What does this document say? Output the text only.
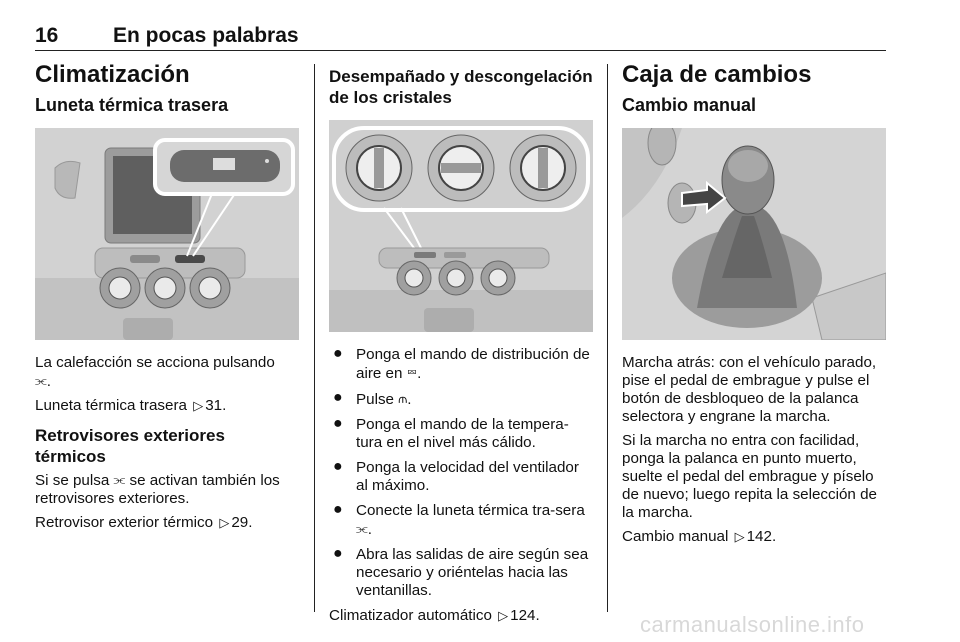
16	En pocas palabras
Climatización
Luneta térmica trasera

La calefacción se acciona pulsando
⫘.

Luneta térmica trasera ▷ 31.

Retrovisores exteriores térmicos

Si se pulsa ⫘ se activan también los retrovisores exteriores.

Retrovisor exterior térmico ▷ 29.

Desempañado y descongelación de los cristales
● Ponga el mando de distribución de aire en ⮹.
● Pulse ⫙.
● Ponga el mando de la tempera-tura en el nivel más cálido.
● Ponga la velocidad del ventilador al máximo.
● Conecte la luneta térmica tra-sera ⫘.
● Abra las salidas de aire según sea necesario y oriéntelas hacia las ventanillas.

Climatizador automático ▷ 124.

Caja de cambios
Cambio manual

Marcha atrás: con el vehículo parado, pise el pedal de embrague y pulse el botón de desbloqueo de la palanca selectora y engrane la marcha.

Si la marcha no entra con facilidad, ponga la palanca en punto muerto, suelte el pedal del embrague y píselo de nuevo; luego repita la selección de la marcha.

Cambio manual ▷ 142.

carmanualsonline.info
